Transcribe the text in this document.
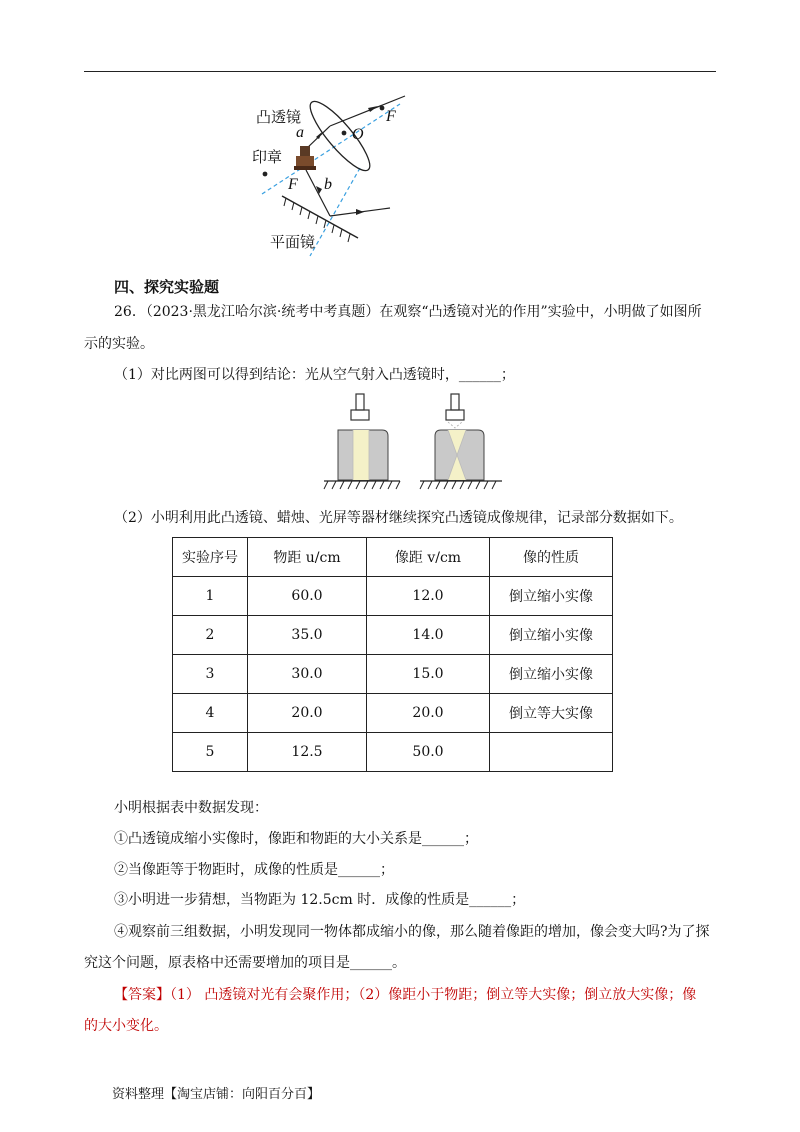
凸透镜
印章
平面镜
a
b
O
F
F
四、探究实验题
26．（2023·黑龙江哈尔滨·统考中考真题）在观察“凸透镜对光的作用”实验中，小明做了如图所
示的实验。
（1）对比两图可以得到结论：光从空气射入凸透镜时，______；
（2）小明利用此凸透镜、蜡烛、光屏等器材继续探究凸透镜成像规律，记录部分数据如下。
实验序号	物距 u/cm	像距 v/cm	像的性质
1	60.0	12.0	倒立缩小实像
2	35.0	14.0	倒立缩小实像
3	30.0	15.0	倒立缩小实像
4	20.0	20.0	倒立等大实像
5	12.5	50.0	
小明根据表中数据发现：
①凸透镜成缩小实像时，像距和物距的大小关系是______；
②当像距等于物距时，成像的性质是______；
③小明进一步猜想，当物距为 12.5cm 时．成像的性质是______；
④观察前三组数据，小明发现同一物体都成缩小的像，那么随着像距的增加，像会变大吗?为了探
究这个问题，原表格中还需要增加的项目是______。
【答案】（1） 凸透镜对光有会聚作用；（2）像距小于物距；倒立等大实像；倒立放大实像；像
的大小变化。
资料整理【淘宝店铺：向阳百分百】
